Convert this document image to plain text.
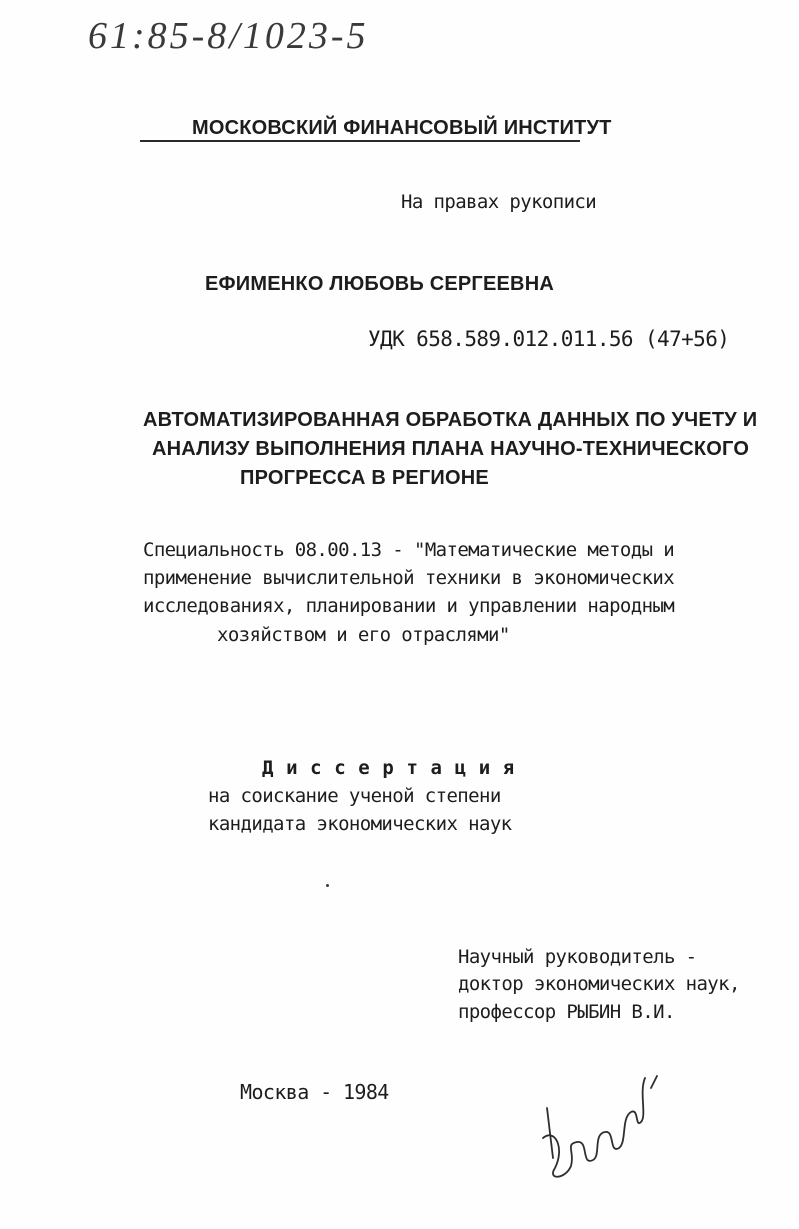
61:85-8/1023-5
МОСКОВСКИЙ ФИНАНСОВЫЙ ИНСТИТУТ
На правах рукописи
ЕФИМЕНКО ЛЮБОВЬ СЕРГЕЕВНА
УДК 658.589.012.011.56 (47+56)
АВТОМАТИЗИРОВАННАЯ ОБРАБОТКА ДАННЫХ ПО УЧЕТУ И
АНАЛИЗУ ВЫПОЛНЕНИЯ ПЛАНА НАУЧНО-ТЕХНИЧЕСКОГО
ПРОГРЕССА В РЕГИОНЕ
Специальность 08.00.13 - "Математические методы и
применение вычислительной техники в экономических
исследованиях, планировании и управлении народным
хозяйством и его отраслями"
Д и с с е р т а ц и я
на соискание ученой степени
кандидата экономических наук
Научный руководитель -
доктор экономических наук,
профессор РЫБИН В.И.
Москва - 1984
